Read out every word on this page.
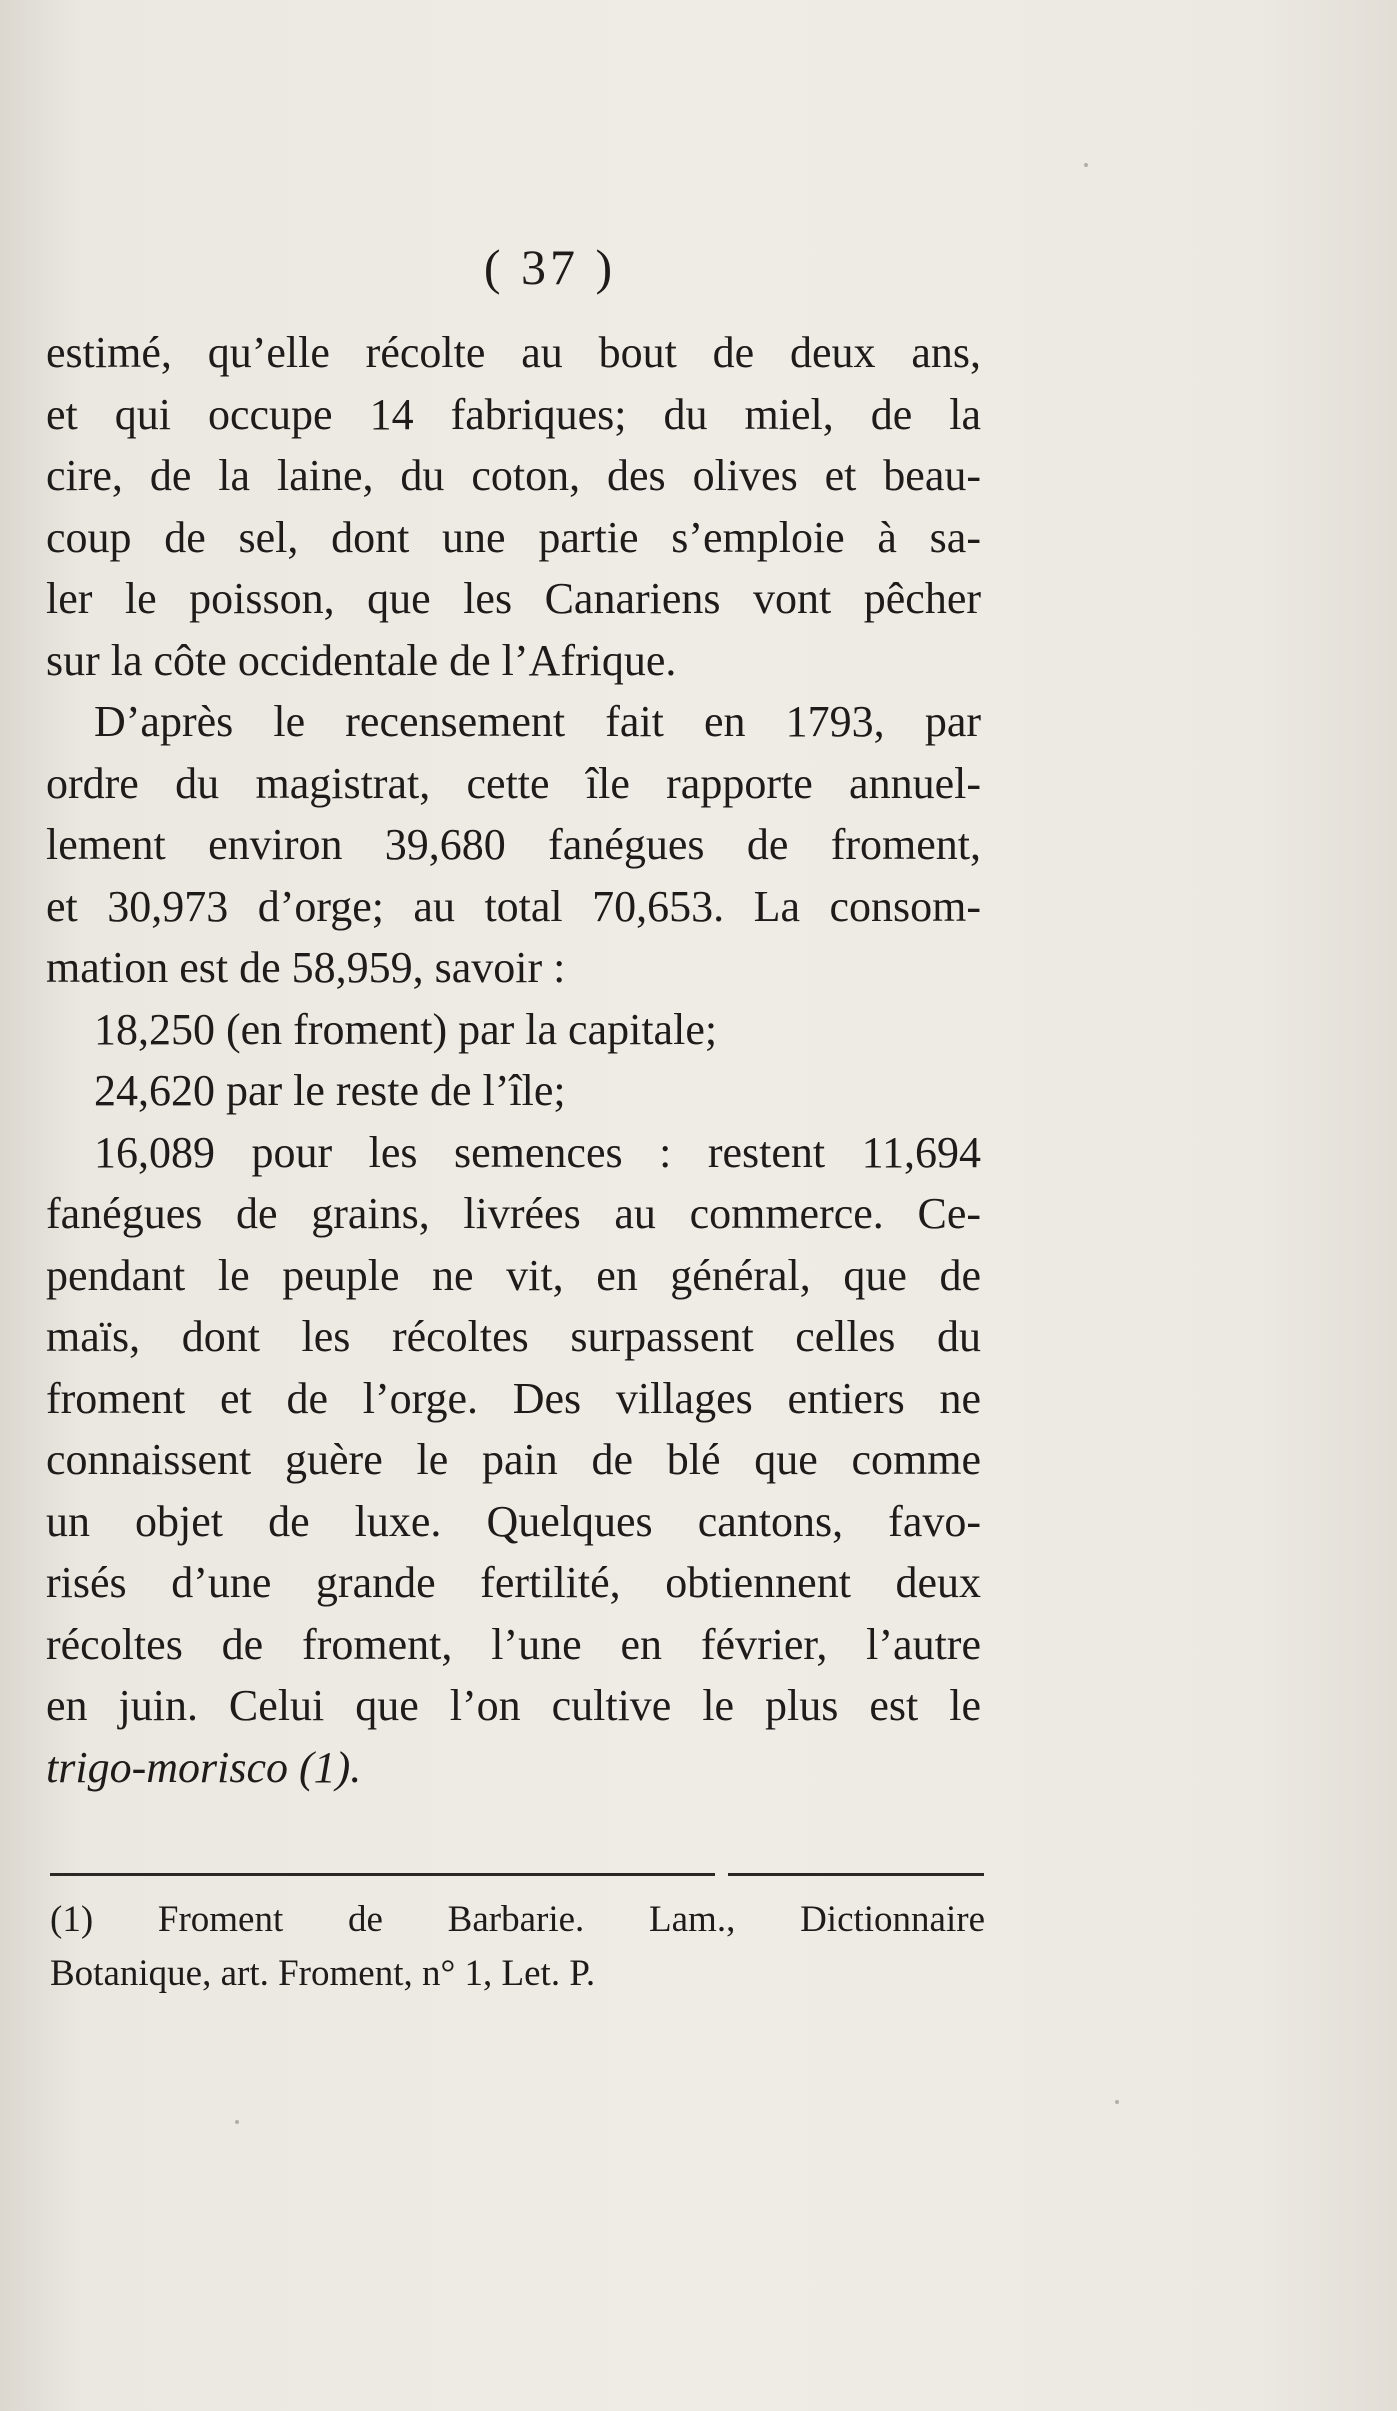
( 37 )
estimé, qu’elle récolte au bout de deux ans,
et qui occupe 14 fabriques; du miel, de la
cire, de la laine, du coton, des olives et beau-
coup de sel, dont une partie s’emploie à sa-
ler le poisson, que les Canariens vont pêcher
sur la côte occidentale de l’Afrique.
D’après le recensement fait en 1793, par
ordre du magistrat, cette île rapporte annuel-
lement environ 39,680 fanégues de froment,
et 30,973 d’orge; au total 70,653. La consom-
mation est de 58,959, savoir :
18,250 (en froment) par la capitale;
24,620 par le reste de l’île;
16,089 pour les semences : restent 11,694
fanégues de grains, livrées au commerce. Ce-
pendant le peuple ne vit, en général, que de
maïs, dont les récoltes surpassent celles du
froment et de l’orge. Des villages entiers ne
connaissent guère le pain de blé que comme
un objet de luxe. Quelques cantons, favo-
risés d’une grande fertilité, obtiennent deux
récoltes de froment, l’une en février, l’autre
en juin. Celui que l’on cultive le plus est le
trigo-morisco (1).
(1) Froment de Barbarie. Lam., Dictionnaire
Botanique, art. Froment, n° 1, Let. P.
